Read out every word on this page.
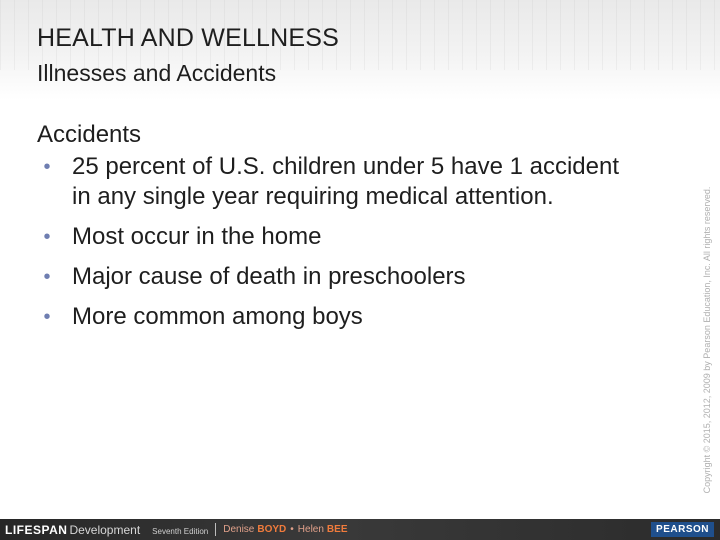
HEALTH AND WELLNESS
Illnesses and Accidents
Accidents
• 25 percent of U.S. children under 5 have 1 accident in any single year requiring medical attention.
• Most occur in the home
• Major cause of death in preschoolers
• More common among boys	Copyright © 2015, 2012, 2009 by Pearson Education, Inc. All rights reserved.
LIFESPAN Development Seventh Edition Denise BOYD • Helen BEE	PEARSON
